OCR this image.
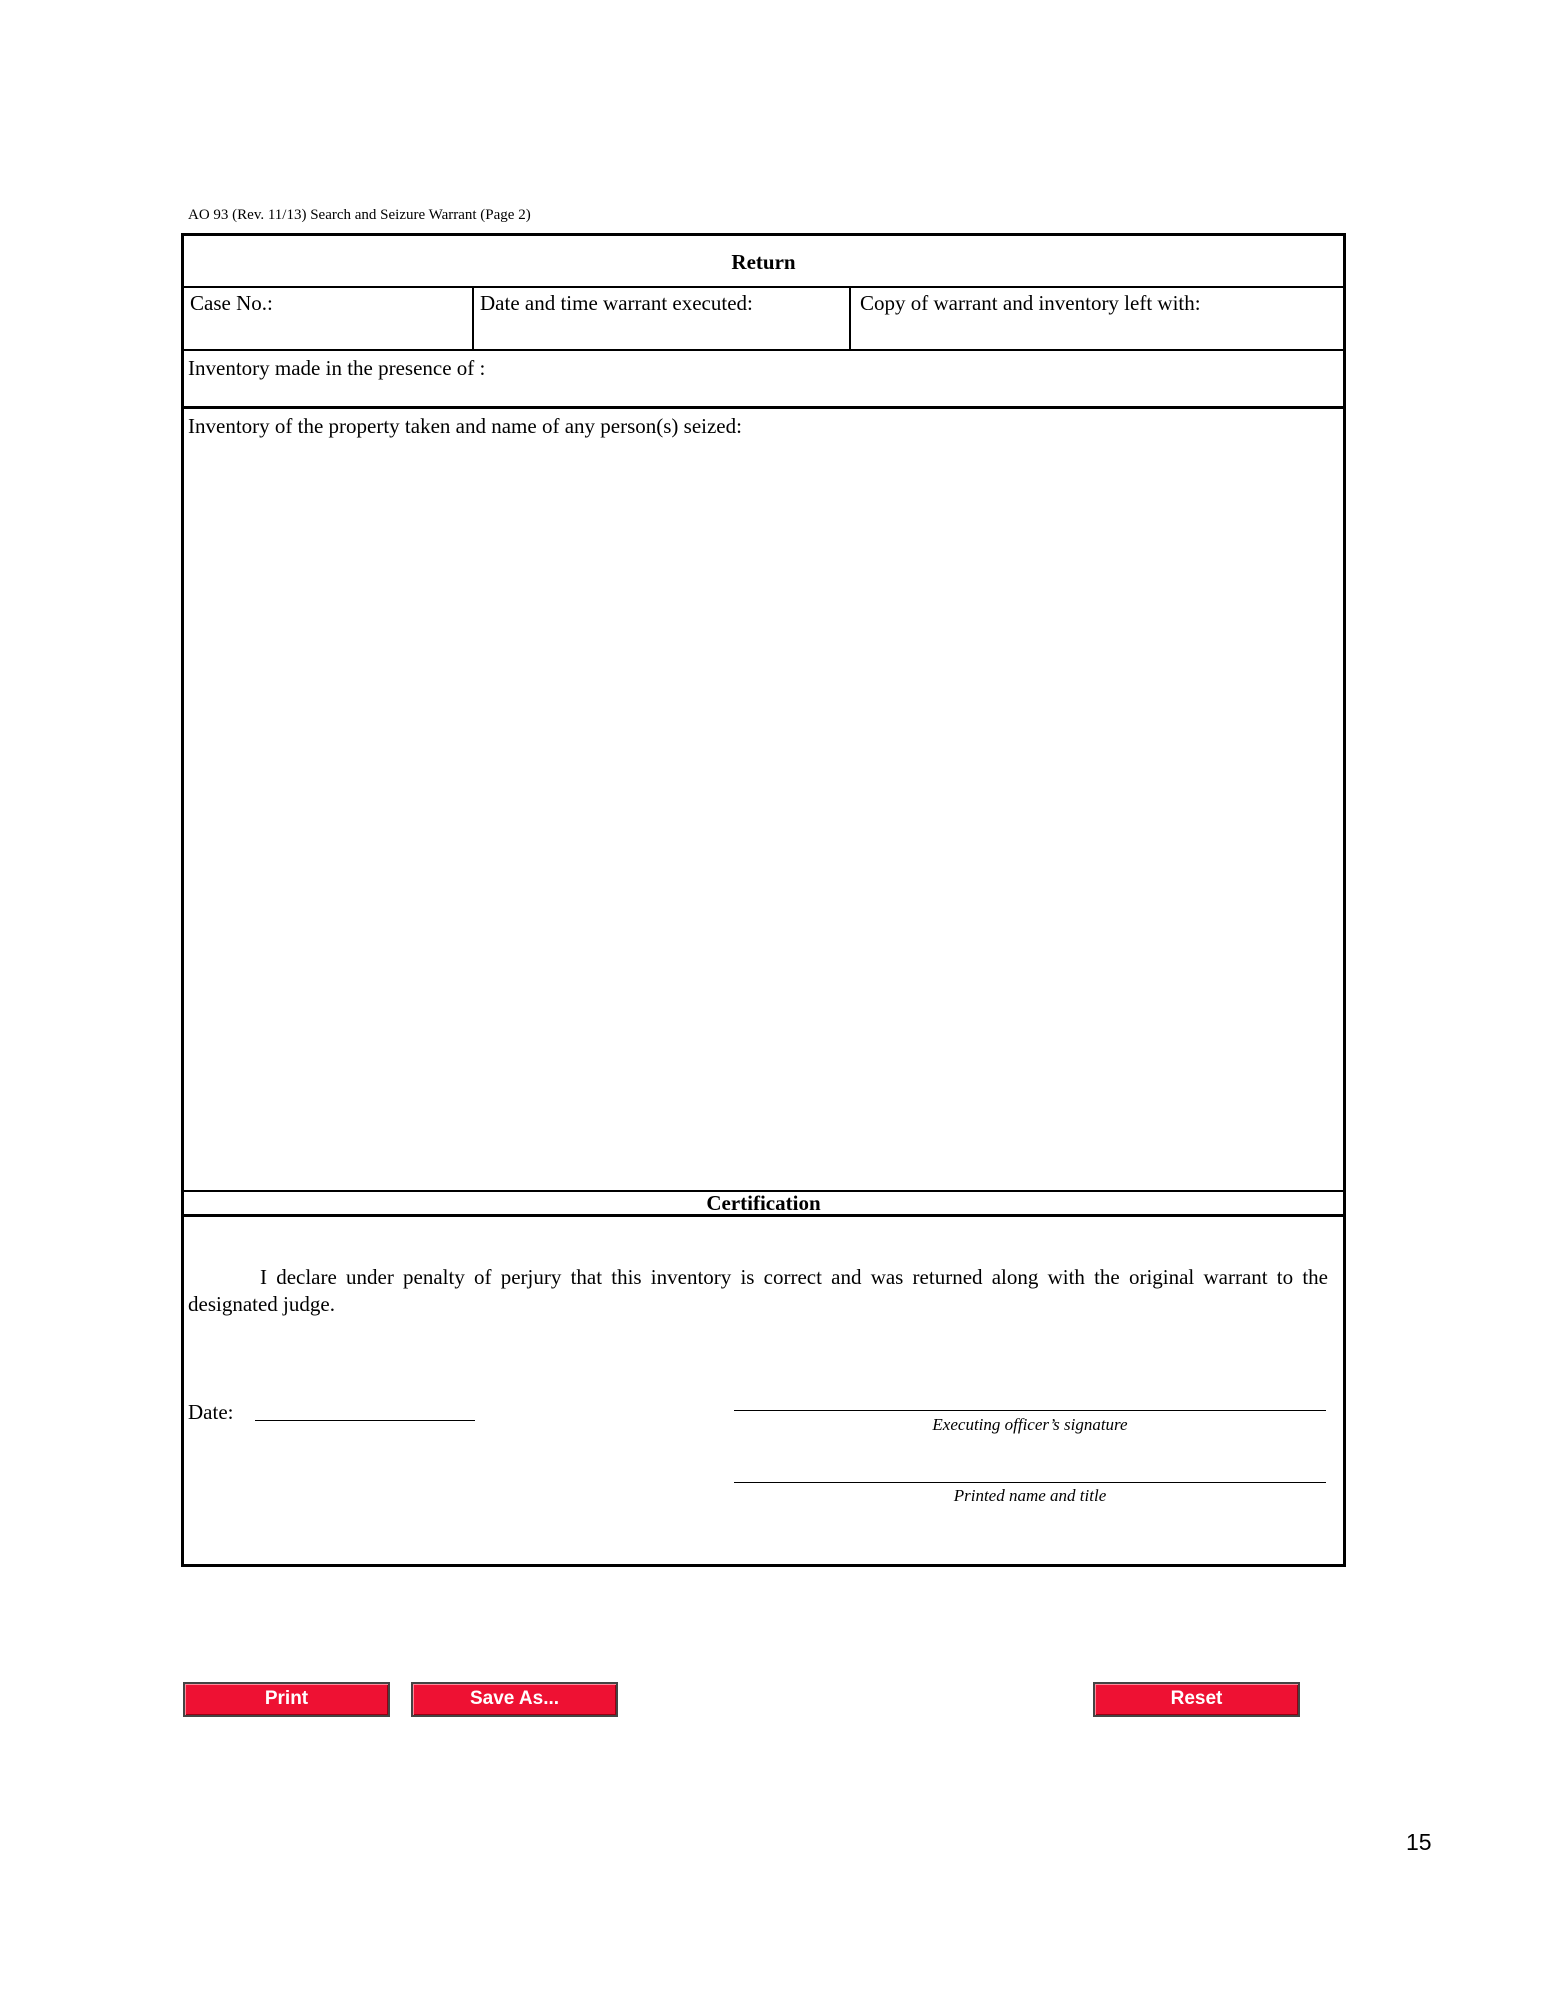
AO 93 (Rev. 11/13) Search and Seizure Warrant (Page 2)
Return
Case No.:	Date and time warrant executed:	Copy of warrant and inventory left with:
Inventory made in the presence of :
Inventory of the property taken and name of any person(s) seized:
Certification
I declare under penalty of perjury that this inventory is correct and was returned along with the original warrant to the designated judge.
Date:
Executing officer’s signature
Printed name and title
Print	Save As...	Reset
15
